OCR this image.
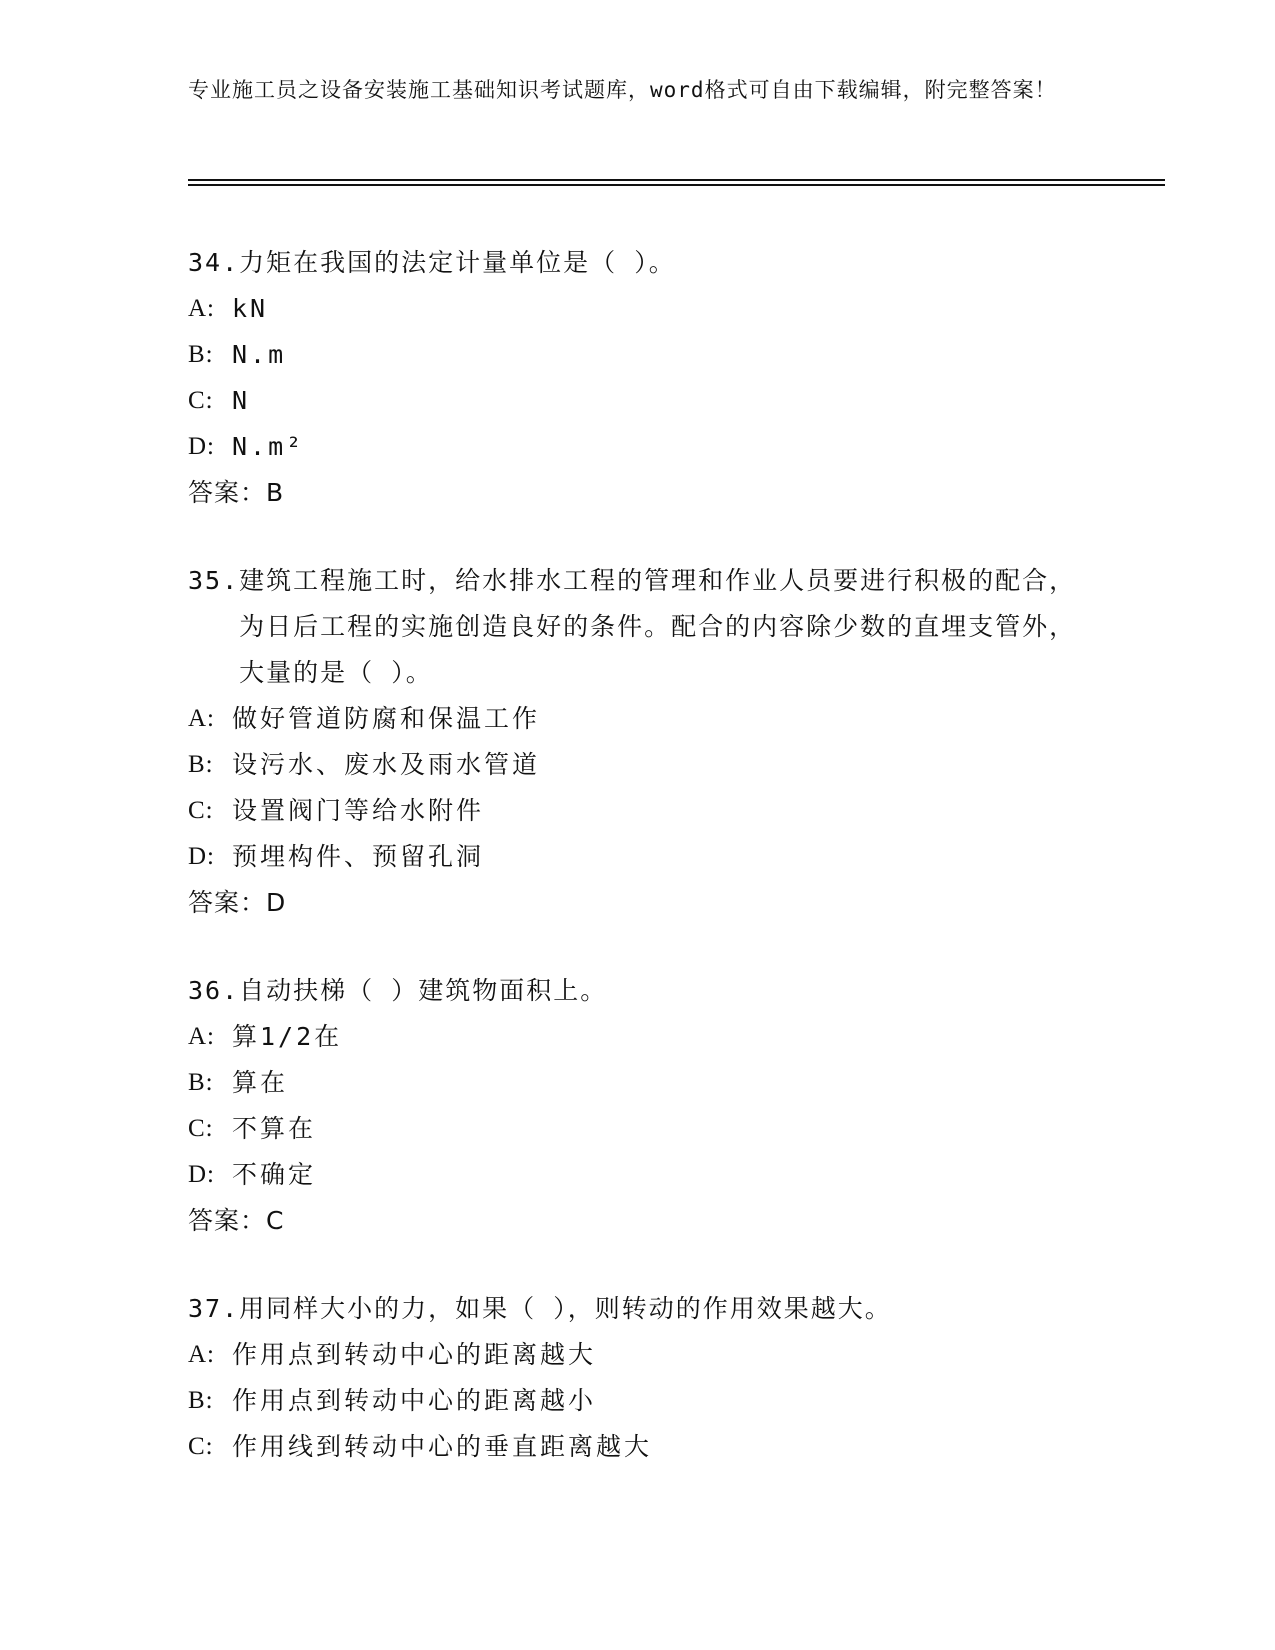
专业施工员之设备安装施工基础知识考试题库，word格式可自由下载编辑，附完整答案！
34. 力矩在我国的法定计量单位是（ ）。
A: kN
B: N.m
C: N
D: N.m²
答案：B
35. 建筑工程施工时，给水排水工程的管理和作业人员要进行积极的配合，为日后工程的实施创造良好的条件。配合的内容除少数的直埋支管外，大量的是（ ）。
A: 做好管道防腐和保温工作
B: 设污水、废水及雨水管道
C: 设置阀门等给水附件
D: 预埋构件、预留孔洞
答案：D
36. 自动扶梯（ ）建筑物面积上。
A: 算1/2在
B: 算在
C: 不算在
D: 不确定
答案：C
37. 用同样大小的力，如果（ ），则转动的作用效果越大。
A: 作用点到转动中心的距离越大
B: 作用点到转动中心的距离越小
C: 作用线到转动中心的垂直距离越大
